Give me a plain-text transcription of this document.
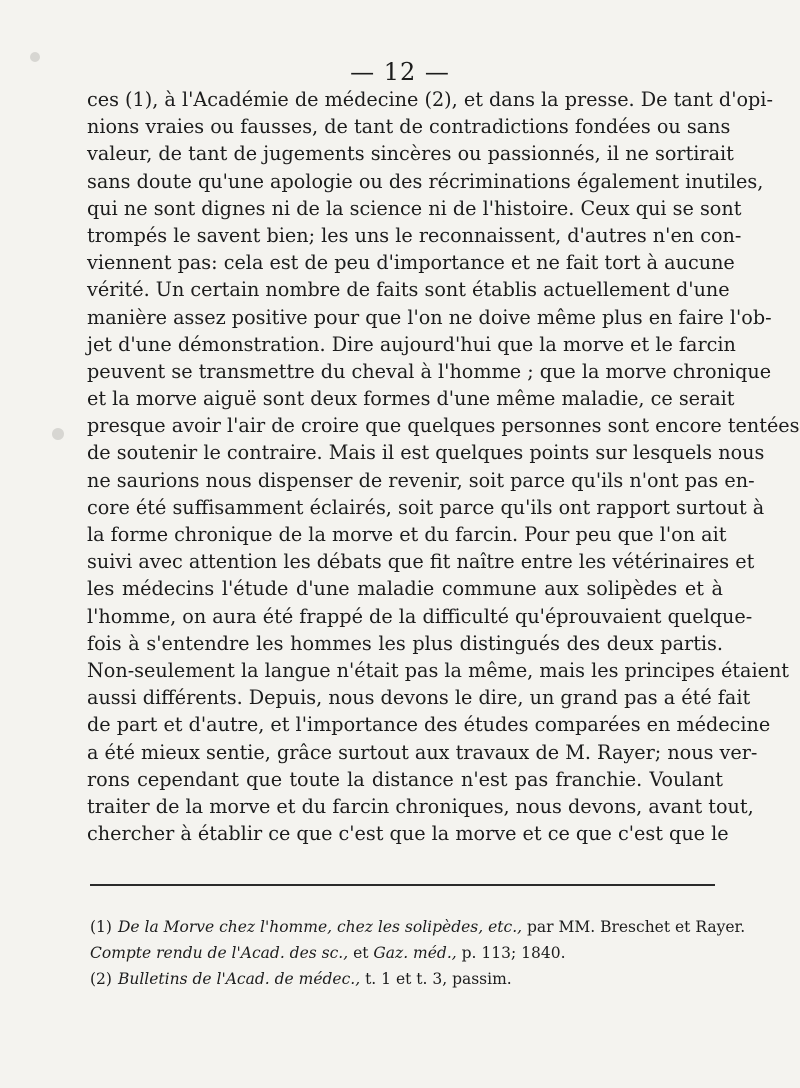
— 12 —
ces (1), à l'Académie de médecine (2), et dans la presse. De tant d'opi-
nions vraies ou fausses, de tant de contradictions fondées ou sans
valeur, de tant de jugements sincères ou passionnés, il ne sortirait
sans doute qu'une apologie ou des récriminations également inutiles,
qui ne sont dignes ni de la science ni de l'histoire. Ceux qui se sont
trompés le savent bien; les uns le reconnaissent, d'autres n'en con-
viennent pas: cela est de peu d'importance et ne fait tort à aucune
vérité. Un certain nombre de faits sont établis actuellement d'une
manière assez positive pour que l'on ne doive même plus en faire l'ob-
jet d'une démonstration. Dire aujourd'hui que la morve et le farcin
peuvent se transmettre du cheval à l'homme ; que la morve chronique
et la morve aiguë sont deux formes d'une même maladie, ce serait
presque avoir l'air de croire que quelques personnes sont encore tentées
de soutenir le contraire. Mais il est quelques points sur lesquels nous
ne saurions nous dispenser de revenir, soit parce qu'ils n'ont pas en-
core été suffisamment éclairés, soit parce qu'ils ont rapport surtout à
la forme chronique de la morve et du farcin. Pour peu que l'on ait
suivi avec attention les débats que fit naître entre les vétérinaires et
les médecins l'étude d'une maladie commune aux solipèdes et à
l'homme, on aura été frappé de la difficulté qu'éprouvaient quelque-
fois à s'entendre les hommes les plus distingués des deux partis.
Non-seulement la langue n'était pas la même, mais les principes étaient
aussi différents. Depuis, nous devons le dire, un grand pas a été fait
de part et d'autre, et l'importance des études comparées en médecine
a été mieux sentie, grâce surtout aux travaux de M. Rayer; nous ver-
rons cependant que toute la distance n'est pas franchie. Voulant
traiter de la morve et du farcin chroniques, nous devons, avant tout,
chercher à établir ce que c'est que la morve et ce que c'est que le
(1) De la Morve chez l'homme, chez les solipèdes, etc., par MM. Breschet et Rayer.
Compte rendu de l'Acad. des sc., et Gaz. méd., p. 113; 1840.
(2) Bulletins de l'Acad. de médec., t. 1 et t. 3, passim.
